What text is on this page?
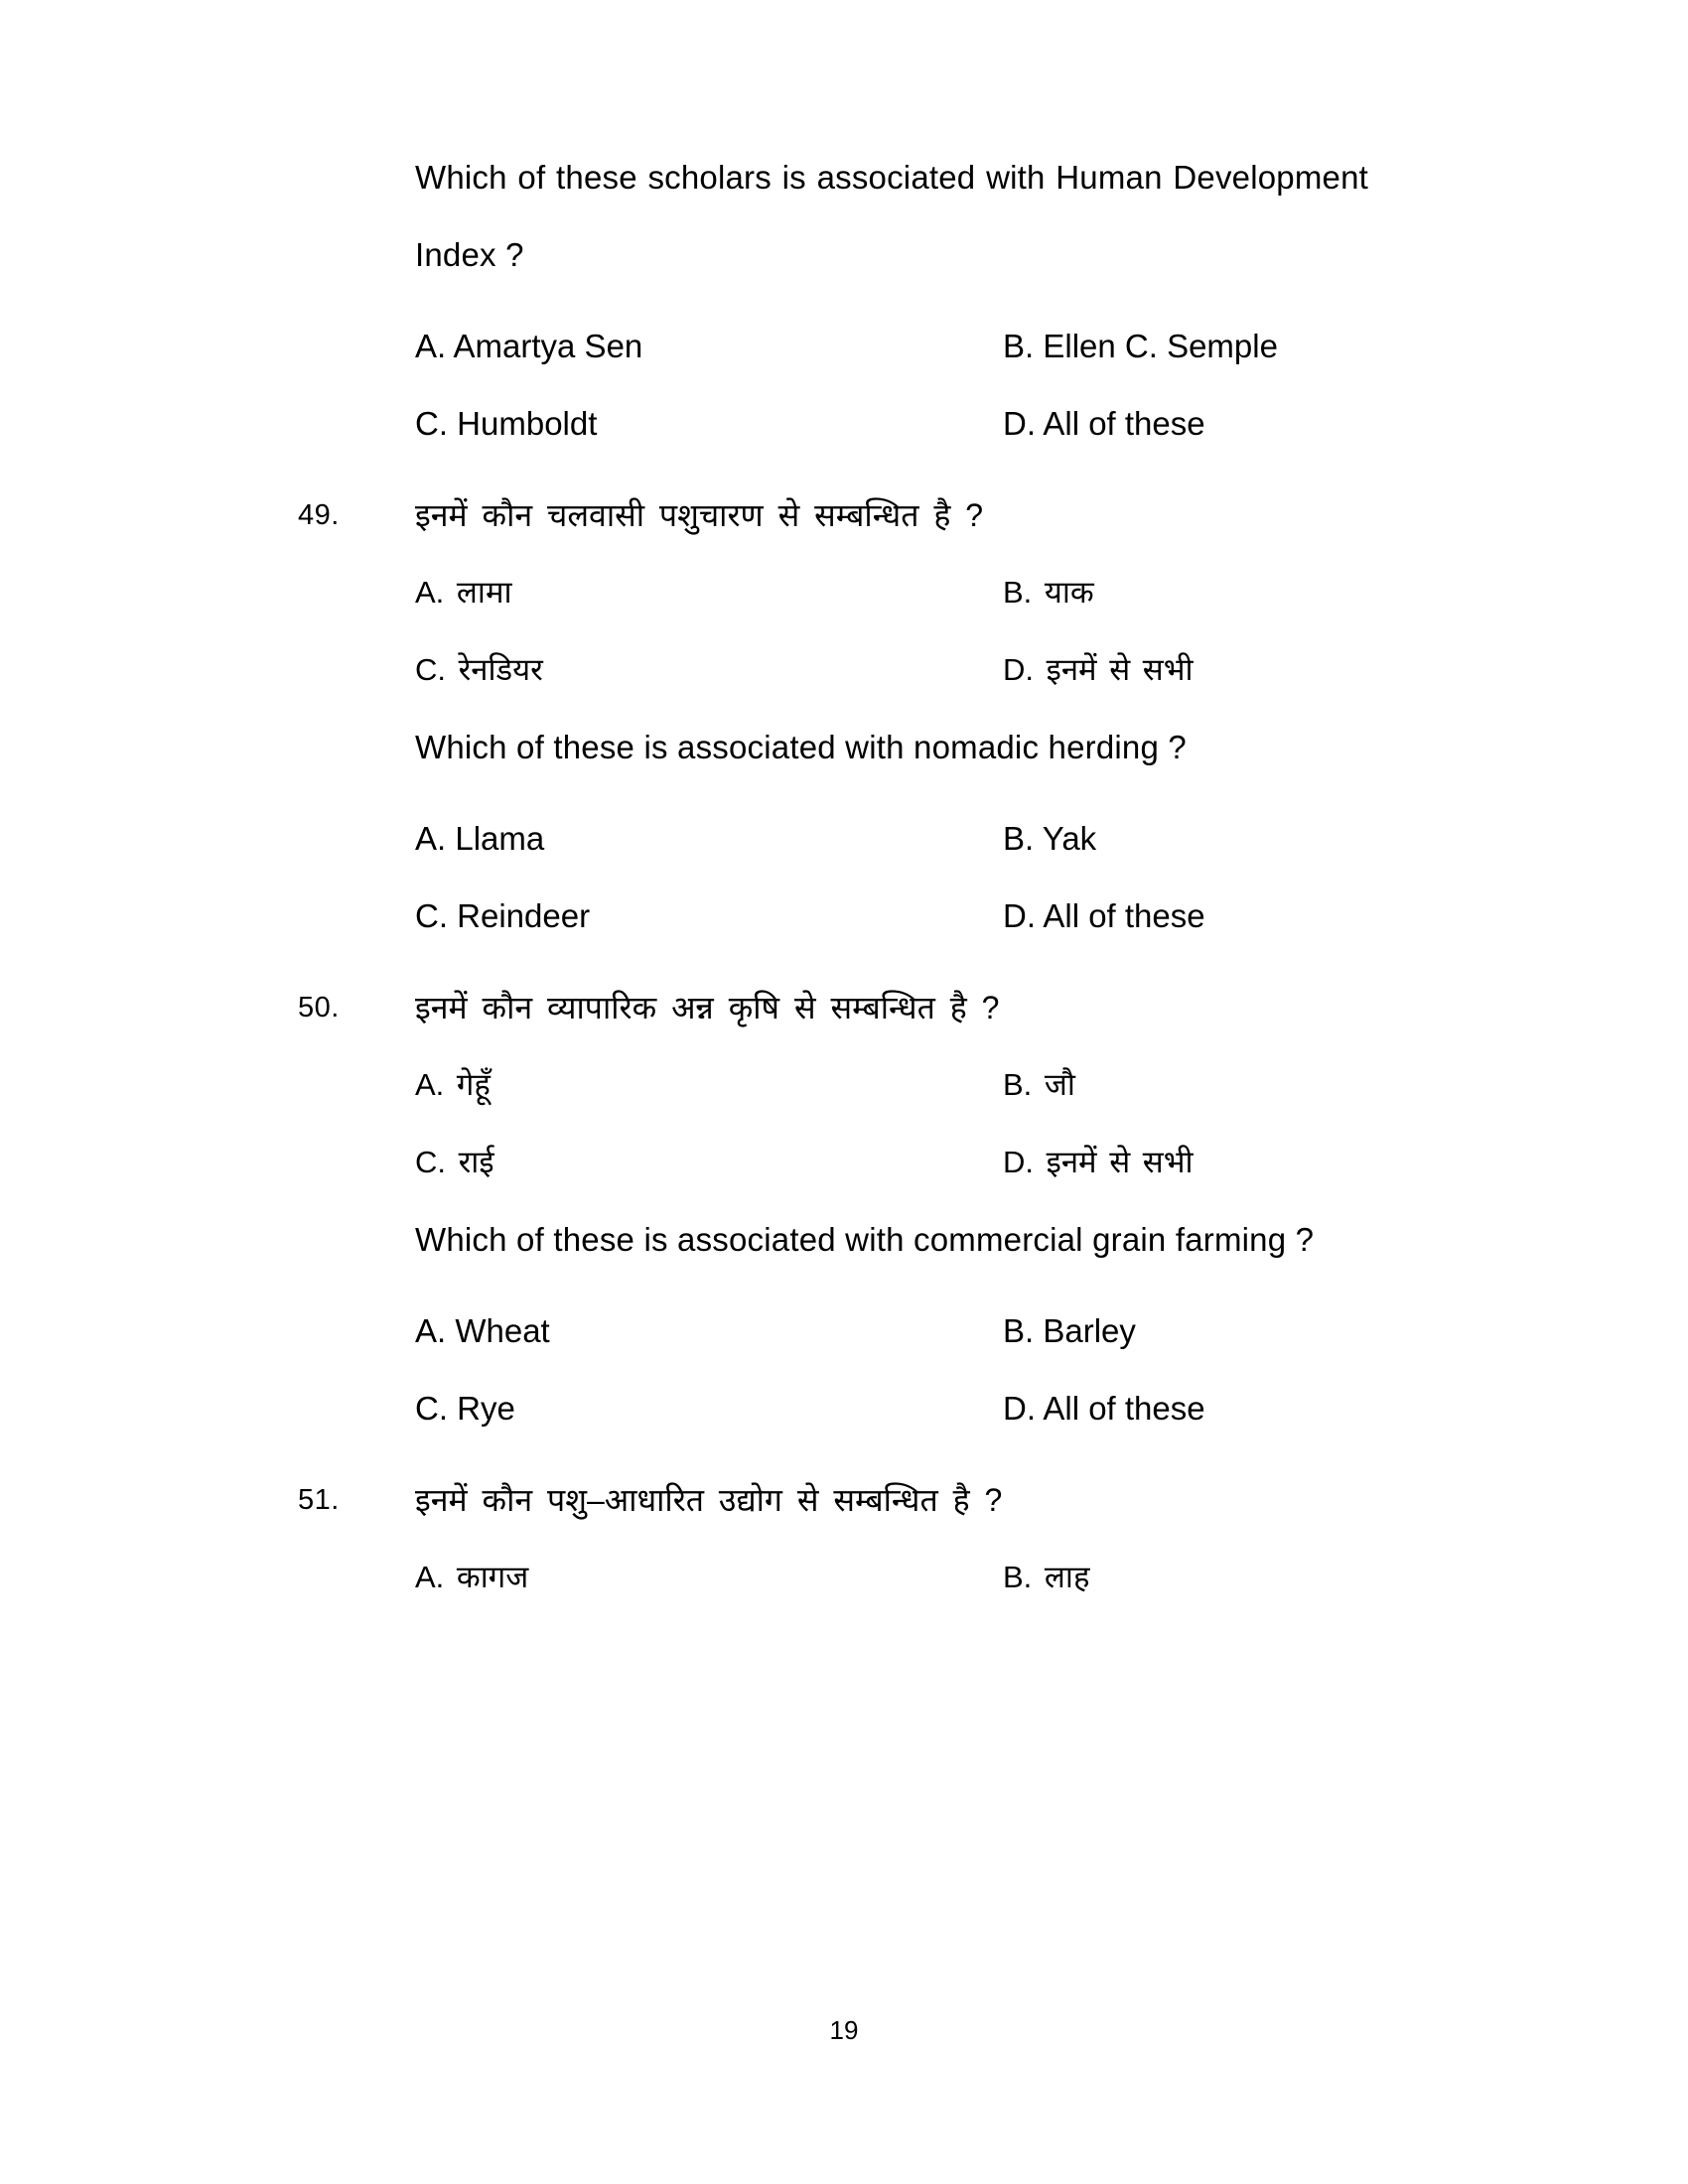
Which of these scholars is associated with Human Development
Index ?
A. Amartya Sen	B. Ellen C. Semple
C. Humboldt	D. All of these
49.	इनमें कौन चलवासी पशुचारण से सम्बन्धित है ?
A. लामा	B. याक
C. रेनडियर	D. इनमें से सभी
Which of these is associated with nomadic herding ?
A. Llama	B. Yak
C. Reindeer	D. All of these
50.	इनमें कौन व्यापारिक अन्न कृषि से सम्बन्धित है ?
A. गेहूँ	B. जौ
C. राई	D. इनमें से सभी
Which of these is associated with commercial grain farming ?
A. Wheat	B. Barley
C. Rye	D. All of these
51.	इनमें कौन पशु–आधारित उद्योग से सम्बन्धित है ?
A. कागज	B. लाह
19
